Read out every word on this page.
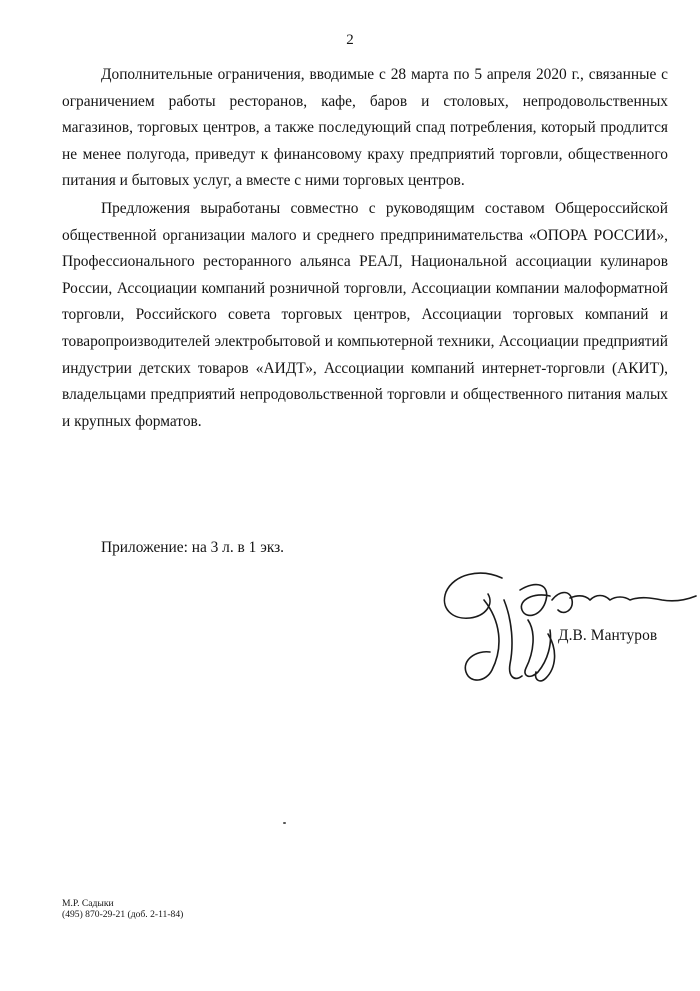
2

Дополнительные ограничения, вводимые с 28 марта по 5 апреля 2020 г., связанные с ограничением работы ресторанов, кафе, баров и столовых, непродовольственных магазинов, торговых центров, а также последующий спад потребления, который продлится не менее полугода, приведут к финансовому краху предприятий торговли, общественного питания и бытовых услуг, а вместе с ними торговых центров.

Предложения выработаны совместно с руководящим составом Общероссийской общественной организации малого и среднего предпринимательства «ОПОРА РОССИИ», Профессионального ресторанного альянса РЕАЛ, Национальной ассоциации кулинаров России, Ассоциации компаний розничной торговли, Ассоциации компании малоформатной торговли, Российского совета торговых центров, Ассоциации торговых компаний и товаропроизводителей электробытовой и компьютерной техники, Ассоциации предприятий индустрии детских товаров «АИДТ», Ассоциации компаний интернет-торговли (АКИТ), владельцами предприятий непродовольственной торговли и общественного питания малых и крупных форматов.

Приложение: на 3 л. в 1 экз.
Д.В. Мантуров
М.Р. Садыки
(495) 870-29-21 (доб. 2-11-84)
